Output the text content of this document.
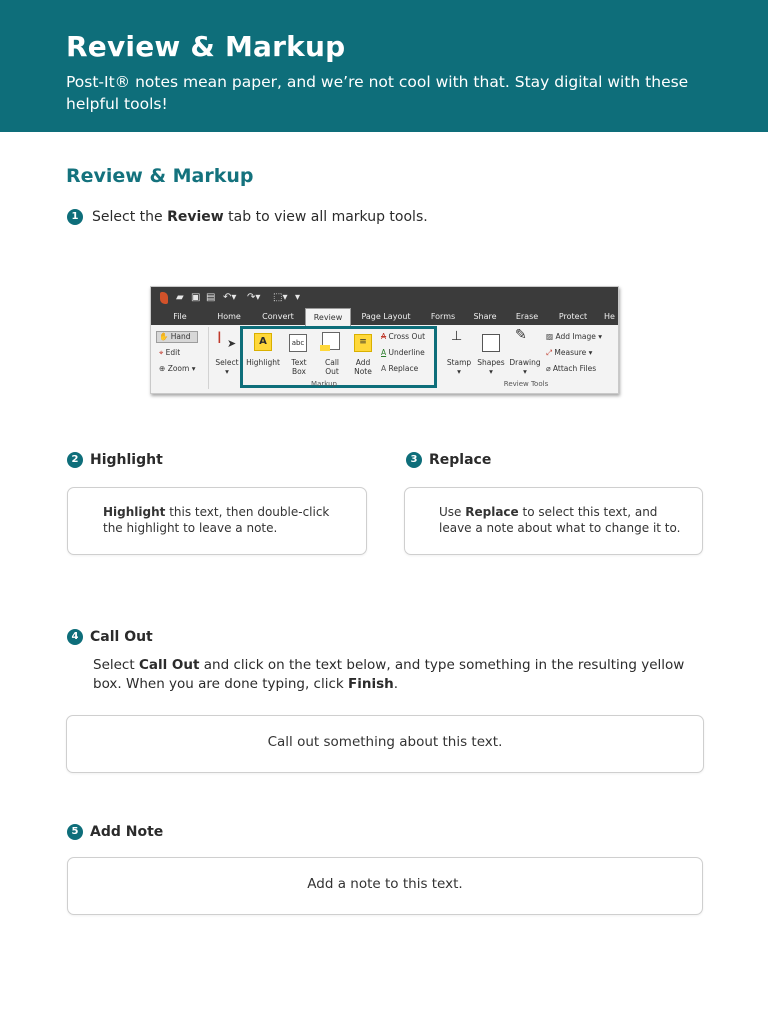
Review & Markup
Post-It® notes mean paper, and we’re not cool with that. Stay digital with these helpful tools!
Review & Markup
1 Select the Review tab to view all markup tools.
▰ ▣ ▤ ↶▾ ↷▾ ⬚▾ ▾
File	Home	Convert	Review	Page Layout	Forms	Share	Erase	Protect	He
✋ Hand
⌖ Edit
⊕ Zoom ▾
I ➤
Select
▾
A
Highlight
abc
Text
Box
Call
Out
≡
Add
Note
A Cross Out
A Underline
A Replace
Markup
⊥
Stamp
▾
Shapes
▾
✎
Drawing
▾
▨ Add Image ▾
⤢ Measure ▾
⌀ Attach Files
Review Tools
2 Highlight
Highlight this text, then double-click the highlight to leave a note.
3 Replace
Use Replace to select this text, and leave a note about what to change it to.
4 Call Out
Select Call Out and click on the text below, and type something in the resulting yellow box. When you are done typing, click Finish.
Call out something about this text.
5 Add Note
Add a note to this text.
